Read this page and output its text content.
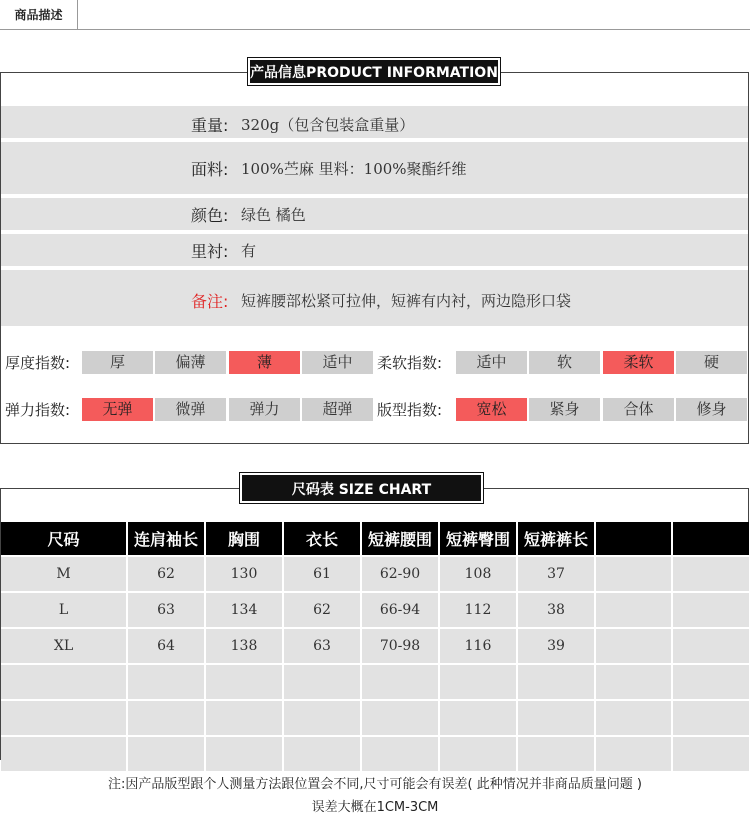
商品描述
产品信息PRODUCT INFORMATION
重量: 320g（包含包装盒重量）
面料: 100%苎麻 里料：100%聚酯纤维
颜色: 绿色 橘色
里衬: 有
备注: 短裤腰部松紧可拉伸，短裤有内衬，两边隐形口袋
厚度指数:	厚	偏薄	薄	适中	柔软指数:	适中	软	柔软	硬
弹力指数:	无弹	微弹	弹力	超弹	版型指数:	宽松	紧身	合体	修身
尺码表 SIZE CHART
尺码	连肩袖长	胸围	衣长	短裤腰围	短裤臀围	短裤裤长		
M	62	130	61	62-90	108	37		
L	63	134	62	66-94	112	38		
XL	64	138	63	70-98	116	39		

注:因产品版型跟个人测量方法跟位置会不同,尺寸可能会有误差( 此种情况并非商品质量问题 )
误差大概在1CM-3CM
